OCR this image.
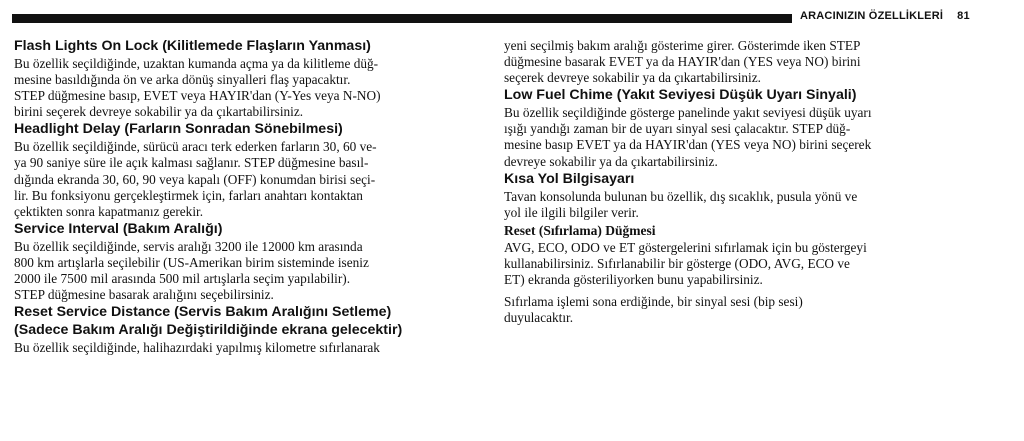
ARACINIZIN ÖZELLİKLERİ 81
Flash Lights On Lock (Kilitlemede Flaşların Yanması)

Bu özellik seçildiğinde, uzaktan kumanda açma ya da kilitleme düğ-
mesine basıldığında ön ve arka dönüş sinyalleri flaş yapacaktır.
STEP düğmesine basıp, EVET veya HAYIR'dan (Y-Yes veya N-NO)
birini seçerek devreye sokabilir ya da çıkartabilirsiniz.

Headlight Delay (Farların Sonradan Sönebilmesi)

Bu özellik seçildiğinde, sürücü aracı terk ederken farların 30, 60 ve-
ya 90 saniye süre ile açık kalması sağlanır. STEP düğmesine basıl-
dığında ekranda 30, 60, 90 veya kapalı (OFF) konumdan birisi seçi-
lir. Bu fonksiyonu gerçekleştirmek için, farları anahtarı kontaktan
çektikten sonra kapatmanız gerekir.

Service Interval (Bakım Aralığı)

Bu özellik seçildiğinde, servis aralığı 3200 ile 12000 km arasında
800 km artışlarla seçilebilir (US-Amerikan birim sisteminde iseniz
2000 ile 7500 mil arasında 500 mil artışlarla seçim yapılabilir).
STEP düğmesine basarak aralığını seçebilirsiniz.

Reset Service Distance (Servis Bakım Aralığını Setleme)
(Sadece Bakım Aralığı Değiştirildiğinde ekrana gelecektir)

Bu özellik seçildiğinde, halihazırdaki yapılmış kilometre sıfırlanarak

yeni seçilmiş bakım aralığı gösterime girer. Gösterimde iken STEP
düğmesine basarak EVET ya da HAYIR'dan (YES veya NO) birini
seçerek devreye sokabilir ya da çıkartabilirsiniz.

Low Fuel Chime (Yakıt Seviyesi Düşük Uyarı Sinyali)

Bu özellik seçildiğinde gösterge panelinde yakıt seviyesi düşük uyarı
ışığı yandığı zaman bir de uyarı sinyal sesi çalacaktır. STEP düğ-
mesine basıp EVET ya da HAYIR'dan (YES veya NO) birini seçerek
devreye sokabilir ya da çıkartabilirsiniz.

Kısa Yol Bilgisayarı

Tavan konsolunda bulunan bu özellik, dış sıcaklık, pusula yönü ve
yol ile ilgili bilgiler verir.

Reset (Sıfırlama) Düğmesi

AVG, ECO, ODO ve ET göstergelerini sıfırlamak için bu göstergeyi
kullanabilirsiniz. Sıfırlanabilir bir gösterge (ODO, AVG, ECO ve
ET) ekranda gösteriliyorken bunu yapabilirsiniz.

Sıfırlama işlemi sona erdiğinde, bir sinyal sesi (bip sesi)
duyulacaktır.
